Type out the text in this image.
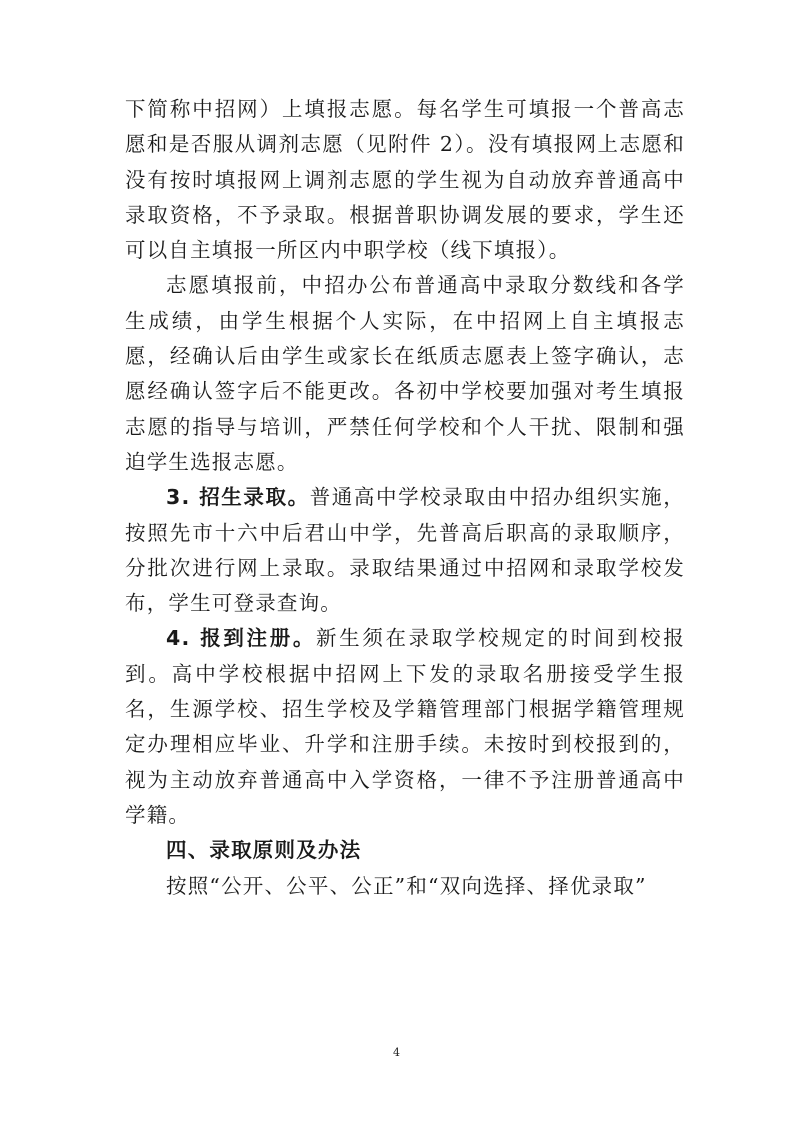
下简称中招网）上填报志愿。每名学生可填报一个普高志愿和是否服从调剂志愿（见附件 2）。没有填报网上志愿和没有按时填报网上调剂志愿的学生视为自动放弃普通高中录取资格，不予录取。根据普职协调发展的要求，学生还可以自主填报一所区内中职学校（线下填报）。

志愿填报前，中招办公布普通高中录取分数线和各学生成绩，由学生根据个人实际，在中招网上自主填报志愿，经确认后由学生或家长在纸质志愿表上签字确认，志愿经确认签字后不能更改。各初中学校要加强对考生填报志愿的指导与培训，严禁任何学校和个人干扰、限制和强迫学生选报志愿。

3. 招生录取。普通高中学校录取由中招办组织实施，按照先市十六中后君山中学，先普高后职高的录取顺序，分批次进行网上录取。录取结果通过中招网和录取学校发布，学生可登录查询。

4. 报到注册。新生须在录取学校规定的时间到校报到。高中学校根据中招网上下发的录取名册接受学生报名，生源学校、招生学校及学籍管理部门根据学籍管理规定办理相应毕业、升学和注册手续。未按时到校报到的，视为主动放弃普通高中入学资格，一律不予注册普通高中学籍。

四、录取原则及办法

按照“公开、公平、公正”和“双向选择、择优录取”

4
